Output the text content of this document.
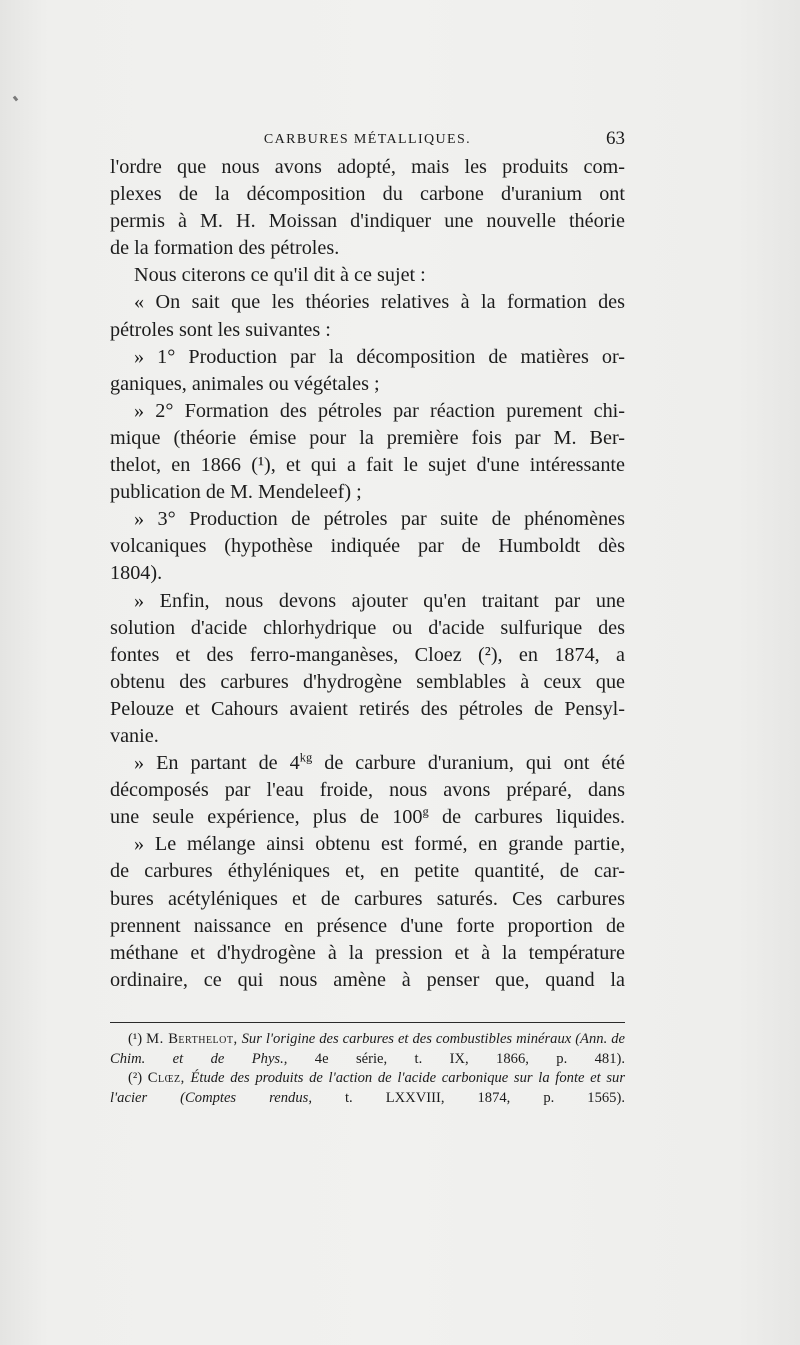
CARBURES MÉTALLIQUES.	63

l'ordre que nous avons adopté, mais les produits com-

plexes de la décomposition du carbone d'uranium ont

permis à M. H. Moissan d'indiquer une nouvelle théorie

de la formation des pétroles.

Nous citerons ce qu'il dit à ce sujet :

« On sait que les théories relatives à la formation des

pétroles sont les suivantes :

» 1° Production par la décomposition de matières or-

ganiques, animales ou végétales ;

» 2° Formation des pétroles par réaction purement chi-

mique (théorie émise pour la première fois par M. Ber-

thelot, en 1866 (¹), et qui a fait le sujet d'une intéressante

publication de M. Mendeleef) ;

» 3° Production de pétroles par suite de phénomènes

volcaniques (hypothèse indiquée par de Humboldt dès

1804).

» Enfin, nous devons ajouter qu'en traitant par une

solution d'acide chlorhydrique ou d'acide sulfurique des

fontes et des ferro-manganèses, Cloez (²), en 1874, a

obtenu des carbures d'hydrogène semblables à ceux que

Pelouze et Cahours avaient retirés des pétroles de Pensyl-

vanie.

» En partant de $4^{kg}$ de carbure d'uranium, qui ont été

décomposés par l'eau froide, nous avons préparé, dans

une seule expérience, plus de 100$^g$ de carbures liquides.

» Le mélange ainsi obtenu est formé, en grande partie,

de carbures éthyléniques et, en petite quantité, de car-

bures acétyléniques et de carbures saturés. Ces carbures

prennent naissance en présence d'une forte proportion de

méthane et d'hydrogène à la pression et à la température

ordinaire, ce qui nous amène à penser que, quand la

(¹) M. Berthelot, Sur l'origine des carbures et des combustibles minéraux (Ann. de Chim. et de Phys., 4e série, t. IX, 1866, p. 481).

(²) Clœz, Étude des produits de l'action de l'acide carbonique sur la fonte et sur l'acier (Comptes rendus, t. LXXVIII, 1874, p. 1565).
